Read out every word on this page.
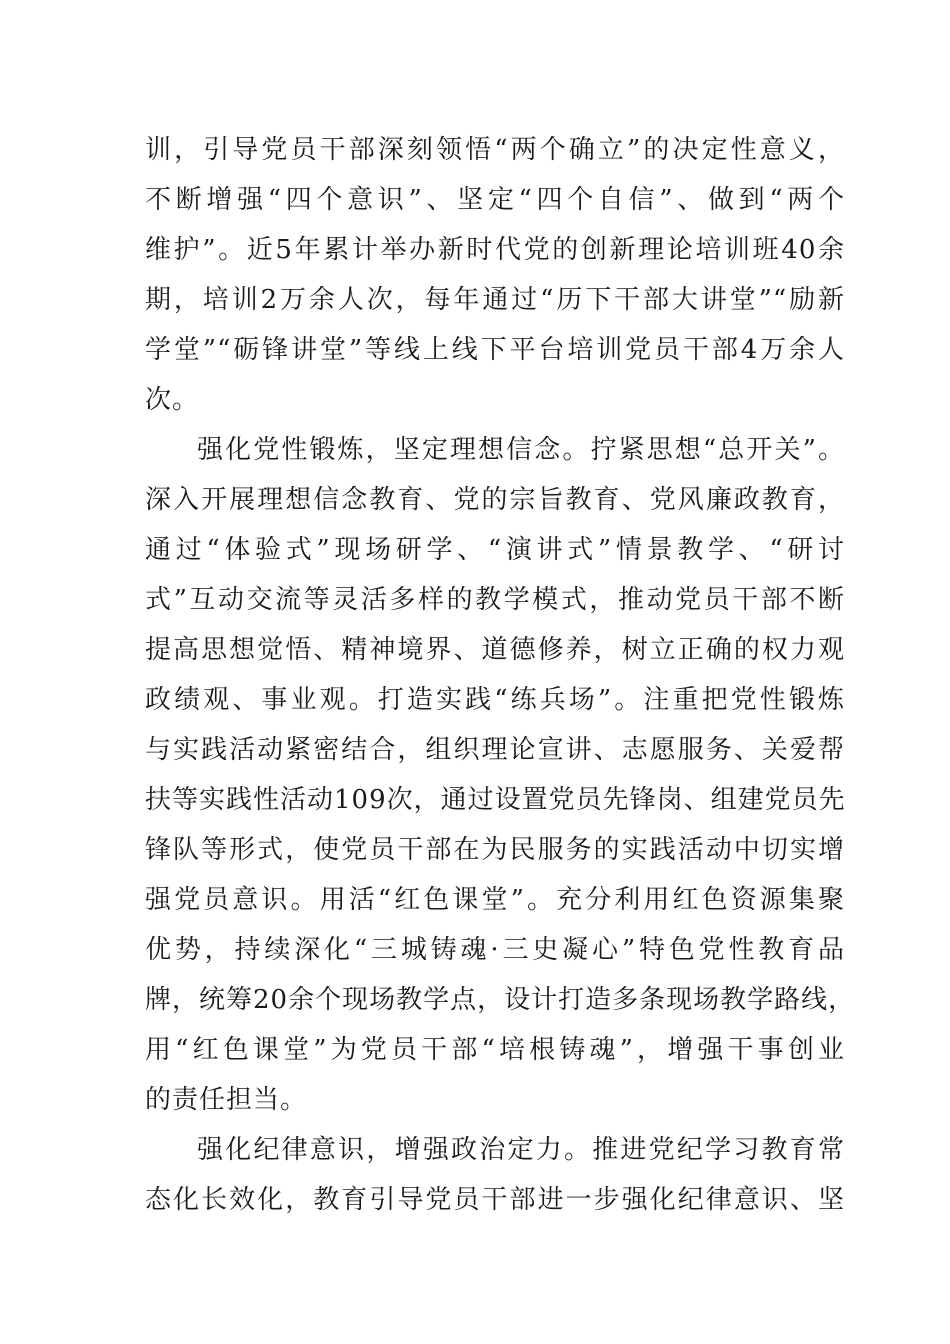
训，引导党员干部深刻领悟“两个确立”的决定性意义，
不断增强“四个意识”、坚定“四个自信”、做到“两个
维护”。近5年累计举办新时代党的创新理论培训班40余
期，培训2万余人次，每年通过“历下干部大讲堂”“励新
学堂”“砺锋讲堂”等线上线下平台培训党员干部4万余人
次。
强化党性锻炼，坚定理想信念。拧紧思想“总开关”。
深入开展理想信念教育、党的宗旨教育、党风廉政教育，
通过“体验式”现场研学、“演讲式”情景教学、“研讨
式”互动交流等灵活多样的教学模式，推动党员干部不断
提高思想觉悟、精神境界、道德修养，树立正确的权力观
政绩观、事业观。打造实践“练兵场”。注重把党性锻炼
与实践活动紧密结合，组织理论宣讲、志愿服务、关爱帮
扶等实践性活动109次，通过设置党员先锋岗、组建党员先
锋队等形式，使党员干部在为民服务的实践活动中切实增
强党员意识。用活“红色课堂”。充分利用红色资源集聚
优势，持续深化“三城铸魂·三史凝心”特色党性教育品
牌，统筹20余个现场教学点，设计打造多条现场教学路线，
用“红色课堂”为党员干部“培根铸魂”，增强干事创业
的责任担当。
强化纪律意识，增强政治定力。推进党纪学习教育常
态化长效化，教育引导党员干部进一步强化纪律意识、坚
